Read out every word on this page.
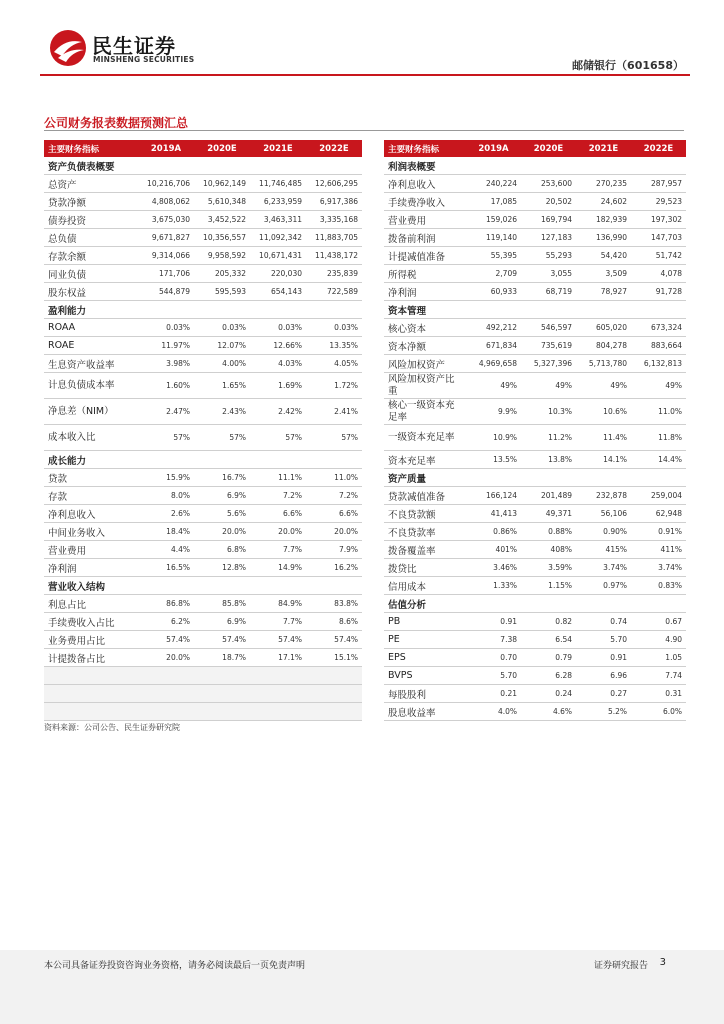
民生证券
MINSHENG SECURITIES	邮储银行（601658）
公司财务报表数据预测汇总
主要财务指标	2019A	2020E	2021E	2022E
资产负债表概要				
总资产	10,216,706	10,962,149	11,746,485	12,606,295
贷款净额	4,808,062	5,610,348	6,233,959	6,917,386
债券投资	3,675,030	3,452,522	3,463,311	3,335,168
总负债	9,671,827	10,356,557	11,092,342	11,883,705
存款余额	9,314,066	9,958,592	10,671,431	11,438,172
同业负债	171,706	205,332	220,030	235,839
股东权益	544,879	595,593	654,143	722,589
盈利能力				
ROAA	0.03%	0.03%	0.03%	0.03%
ROAE	11.97%	12.07%	12.66%	13.35%
生息资产收益率	3.98%	4.00%	4.03%	4.05%
计息负债成本率	1.60%	1.65%	1.69%	1.72%
净息差（NIM）	2.47%	2.43%	2.42%	2.41%
成本收入比	57%	57%	57%	57%
成长能力				
贷款	15.9%	16.7%	11.1%	11.0%
存款	8.0%	6.9%	7.2%	7.2%
净利息收入	2.6%	5.6%	6.6%	6.6%
中间业务收入	18.4%	20.0%	20.0%	20.0%
营业费用	4.4%	6.8%	7.7%	7.9%
净利润	16.5%	12.8%	14.9%	16.2%
营业收入结构				
利息占比	86.8%	85.8%	84.9%	83.8%
手续费收入占比	6.2%	6.9%	7.7%	8.6%
业务费用占比	57.4%	57.4%	57.4%	57.4%
计提拨备占比	20.0%	18.7%	17.1%	15.1%

主要财务指标	2019A	2020E	2021E	2022E
利润表概要				
净利息收入	240,224	253,600	270,235	287,957
手续费净收入	17,085	20,502	24,602	29,523
营业费用	159,026	169,794	182,939	197,302
拨备前利润	119,140	127,183	136,990	147,703
计提减值准备	55,395	55,293	54,420	51,742
所得税	2,709	3,055	3,509	4,078
净利润	60,933	68,719	78,927	91,728
资本管理				
核心资本	492,212	546,597	605,020	673,324
资本净额	671,834	735,619	804,278	883,664
风险加权资产	4,969,658	5,327,396	5,713,780	6,132,813
风险加权资产比重	49%	49%	49%	49%
核心一级资本充足率	9.9%	10.3%	10.6%	11.0%
一级资本充足率	10.9%	11.2%	11.4%	11.8%
资本充足率	13.5%	13.8%	14.1%	14.4%
资产质量				
贷款减值准备	166,124	201,489	232,878	259,004
不良贷款额	41,413	49,371	56,106	62,948
不良贷款率	0.86%	0.88%	0.90%	0.91%
拨备覆盖率	401%	408%	415%	411%
拨贷比	3.46%	3.59%	3.74%	3.74%
信用成本	1.33%	1.15%	0.97%	0.83%
估值分析				
PB	0.91	0.82	0.74	0.67
PE	7.38	6.54	5.70	4.90
EPS	0.70	0.79	0.91	1.05
BVPS	5.70	6.28	6.96	7.74
每股股利	0.21	0.24	0.27	0.31
股息收益率	4.0%	4.6%	5.2%	6.0%
资料来源：公司公告、民生证券研究院
本公司具备证券投资咨询业务资格，请务必阅读最后一页免责声明	证券研究报告 3
